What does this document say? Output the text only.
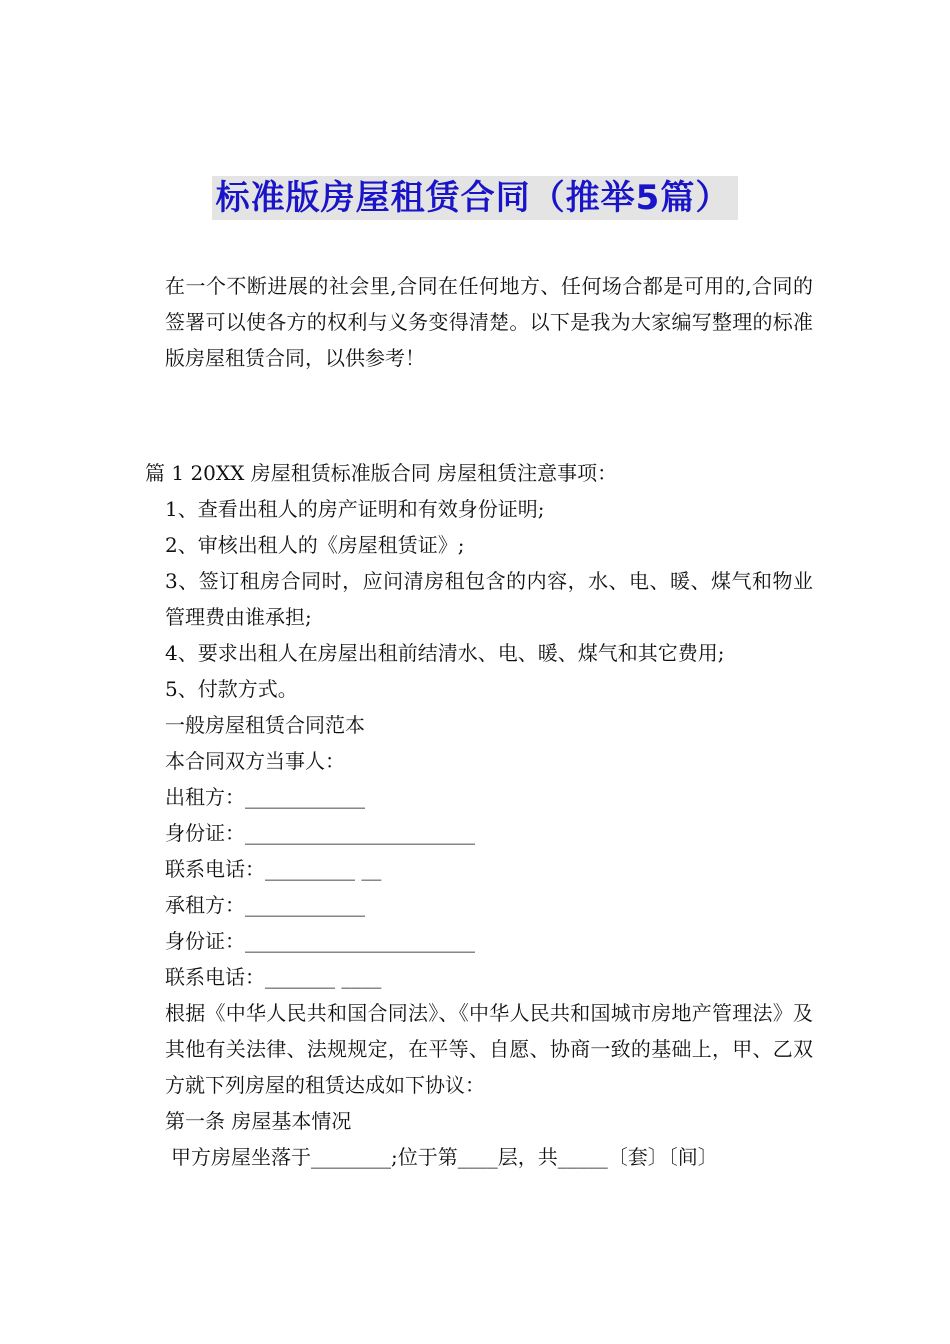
标准版房屋租赁合同（推举5篇）

在一个不断进展的社会里,合同在任何地方、任何场合都是可用的,合同的签署可以使各方的权利与义务变得清楚。以下是我为大家编写整理的标准版房屋租赁合同，以供参考！

篇 1 20XX 房屋租赁标准版合同 房屋租赁注意事项：

1、查看出租人的房产证明和有效身份证明;

2、审核出租人的《房屋租赁证》;

3、签订租房合同时，应问清房租包含的内容，水、电、暖、煤气和物业管理费由谁承担;

4、要求出租人在房屋出租前结清水、电、暖、煤气和其它费用;

5、付款方式。

一般房屋租赁合同范本

本合同双方当事人：

出租方：____________

身份证：_______________________

联系电话：_________ __

承租方：____________

身份证：_______________________

联系电话：_______ ____

根据《中华人民共和国合同法》、《中华人民共和国城市房地产管理法》及其他有关法律、法规规定，在平等、自愿、协商一致的基础上，甲、乙双方就下列房屋的租赁达成如下协议：

第一条 房屋基本情况

甲方房屋坐落于________;位于第____层，共_____〔套〕〔间〕
